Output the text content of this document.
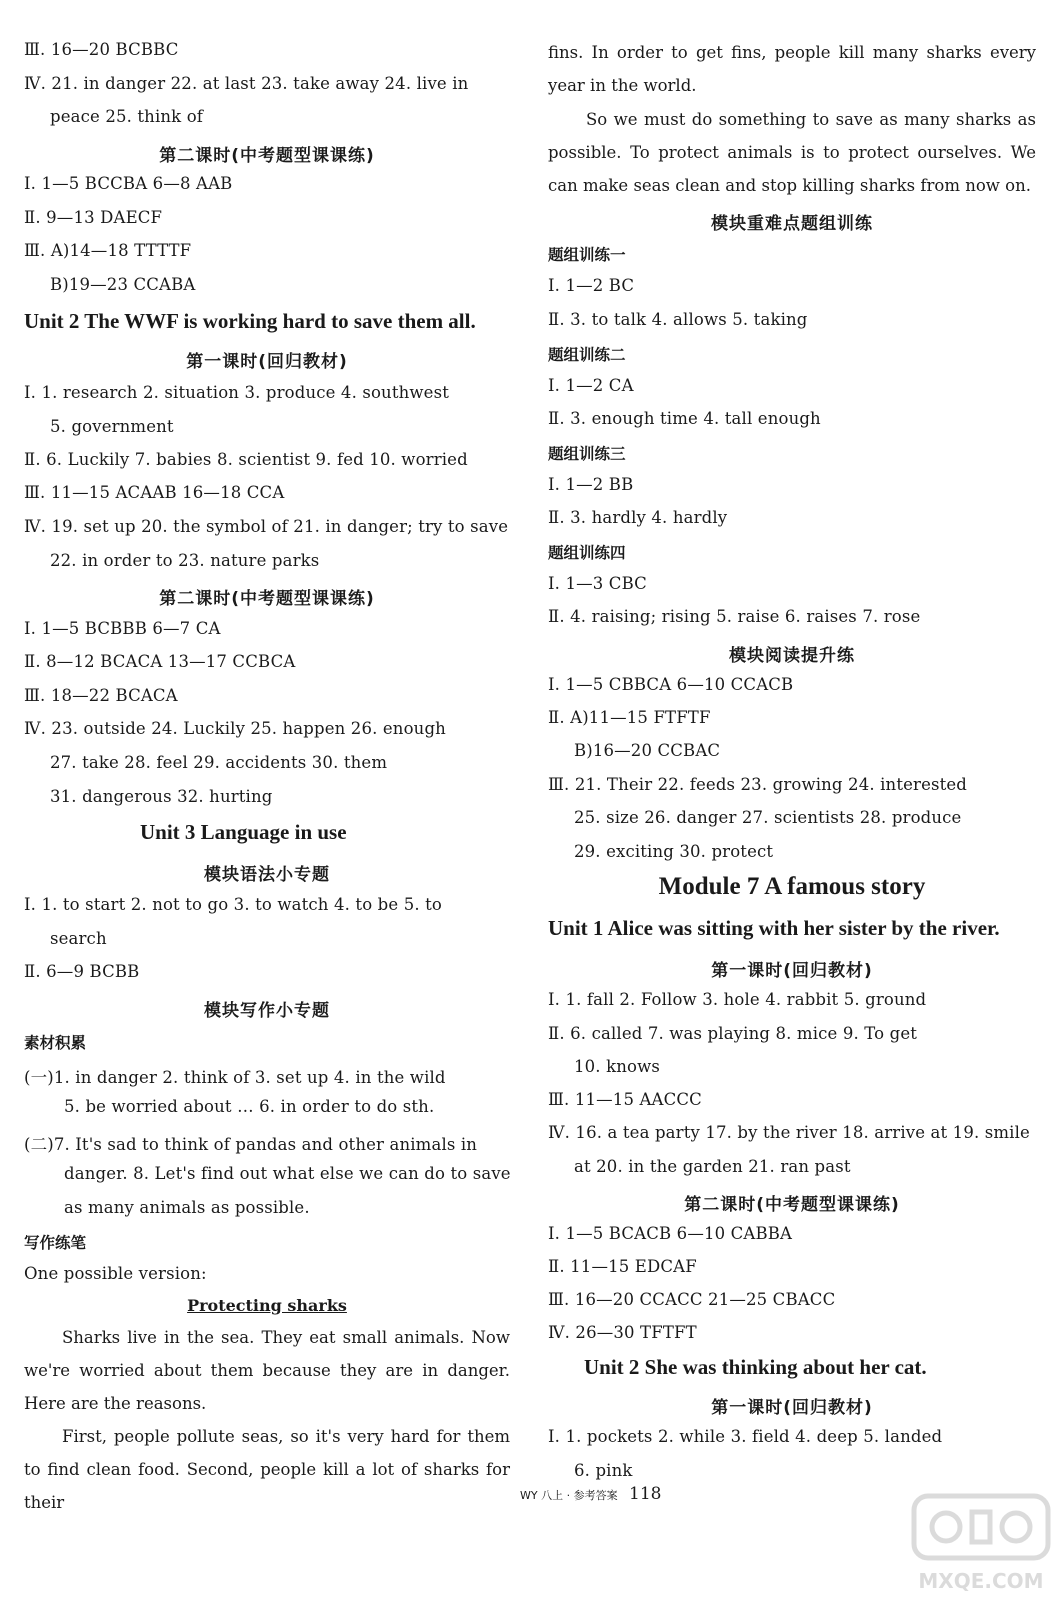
Ⅲ. 16—20 BCBBC
Ⅳ. 21. in danger 22. at last 23. take away 24. live in
peace 25. think of
第二课时(中考题型课课练)
Ⅰ. 1—5 BCCBA 6—8 AAB
Ⅱ. 9—13 DAECF
Ⅲ. A)14—18 TTTTF
B)19—23 CCABA
Unit 2 The WWF is working hard to save them all.
第一课时(回归教材)
Ⅰ. 1. research 2. situation 3. produce 4. southwest
5. government
Ⅱ. 6. Luckily 7. babies 8. scientist 9. fed 10. worried
Ⅲ. 11—15 ACAAB 16—18 CCA
Ⅳ. 19. set up 20. the symbol of 21. in danger; try to save
22. in order to 23. nature parks
第二课时(中考题型课课练)
Ⅰ. 1—5 BCBBB 6—7 CA
Ⅱ. 8—12 BCACA 13—17 CCBCA
Ⅲ. 18—22 BCACA
Ⅳ. 23. outside 24. Luckily 25. happen 26. enough
27. take 28. feel 29. accidents 30. them
31. dangerous 32. hurting
Unit 3 Language in use
模块语法小专题
Ⅰ. 1. to start 2. not to go 3. to watch 4. to be 5. to
search
Ⅱ. 6—9 BCBB
模块写作小专题
素材积累
(一)1. in danger 2. think of 3. set up 4. in the wild
5. be worried about … 6. in order to do sth.
(二)7. It's sad to think of pandas and other animals in
danger. 8. Let's find out what else we can do to save
as many animals as possible.
写作练笔
One possible version:
Protecting sharks
Sharks live in the sea. They eat small animals. Now we're worried about them because they are in danger. Here are the reasons.
First, people pollute seas, so it's very hard for them to find clean food. Second, people kill a lot of sharks for their
fins. In order to get fins, people kill many sharks every year in the world.
So we must do something to save as many sharks as possible. To protect animals is to protect ourselves. We can make seas clean and stop killing sharks from now on.
模块重难点题组训练
题组训练一
Ⅰ. 1—2 BC
Ⅱ. 3. to talk 4. allows 5. taking
题组训练二
Ⅰ. 1—2 CA
Ⅱ. 3. enough time 4. tall enough
题组训练三
Ⅰ. 1—2 BB
Ⅱ. 3. hardly 4. hardly
题组训练四
Ⅰ. 1—3 CBC
Ⅱ. 4. raising; rising 5. raise 6. raises 7. rose
模块阅读提升练
Ⅰ. 1—5 CBBCA 6—10 CCACB
Ⅱ. A)11—15 FTFTF
B)16—20 CCBAC
Ⅲ. 21. Their 22. feeds 23. growing 24. interested
25. size 26. danger 27. scientists 28. produce
29. exciting 30. protect
Module 7 A famous story
Unit 1 Alice was sitting with her sister by the river.
第一课时(回归教材)
Ⅰ. 1. fall 2. Follow 3. hole 4. rabbit 5. ground
Ⅱ. 6. called 7. was playing 8. mice 9. To get
10. knows
Ⅲ. 11—15 AACCC
Ⅳ. 16. a tea party 17. by the river 18. arrive at 19. smile
at 20. in the garden 21. ran past
第二课时(中考题型课课练)
Ⅰ. 1—5 BCACB 6—10 CABBA
Ⅱ. 11—15 EDCAF
Ⅲ. 16—20 CCACC 21—25 CBACC
Ⅳ. 26—30 TFTFT
Unit 2 She was thinking about her cat.
第一课时(回归教材)
Ⅰ. 1. pockets 2. while 3. field 4. deep 5. landed
6. pink
WY 八上 · 参考答案 118
MXQE.COM
